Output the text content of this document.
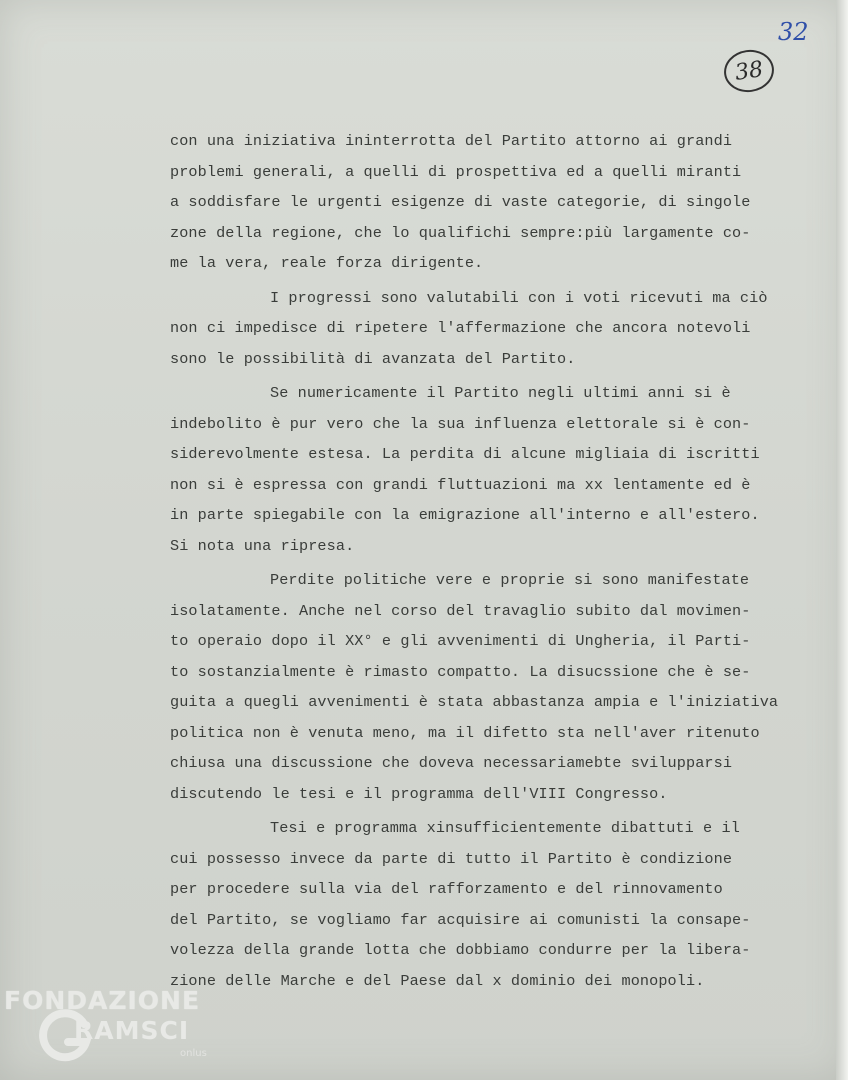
32
38

con una iniziativa ininterrotta del Partito attorno ai grandi
problemi generali, a quelli di prospettiva ed a quelli miranti
a soddisfare le urgenti esigenze di vaste categorie, di singole
zone della regione, che lo qualifichi sempre:più largamente co-
me la vera, reale forza dirigente.

I progressi sono valutabili con i voti ricevuti ma ciò
non ci impedisce di ripetere l'affermazione che ancora notevoli
sono le possibilità di avanzata del Partito.

Se numericamente il Partito negli ultimi anni si è
indebolito è pur vero che la sua influenza elettorale si è con-
siderevolmente estesa. La perdita di alcune migliaia di iscritti
non si è espressa con grandi fluttuazioni ma xx lentamente ed è
in parte spiegabile con la emigrazione all'interno e all'estero.
Si nota una ripresa.

Perdite politiche vere e proprie si sono manifestate
isolatamente. Anche nel corso del travaglio subito dal movimen-
to operaio dopo il XX° e gli avvenimenti di Ungheria, il Parti-
to sostanzialmente è rimasto compatto. La disucssione che è se-
guita a quegli avvenimenti è stata abbastanza ampia e l'iniziativa
politica non è venuta meno, ma il difetto sta nell'aver ritenuto
chiusa una discussione che doveva necessariamebte svilupparsi
discutendo le tesi e il programma dell'VIII Congresso.

Tesi e programma xinsufficientemente dibattuti e il
cui possesso invece da parte di tutto il Partito è condizione
per procedere sulla via del rafforzamento e del rinnovamento
del Partito, se vogliamo far acquisire ai comunisti la consape-
volezza della grande lotta che dobbiamo condurre per la libera-
zione delle Marche e del Paese dal x dominio dei monopoli.

FONDAZIONE
RAMSCI
onlus
